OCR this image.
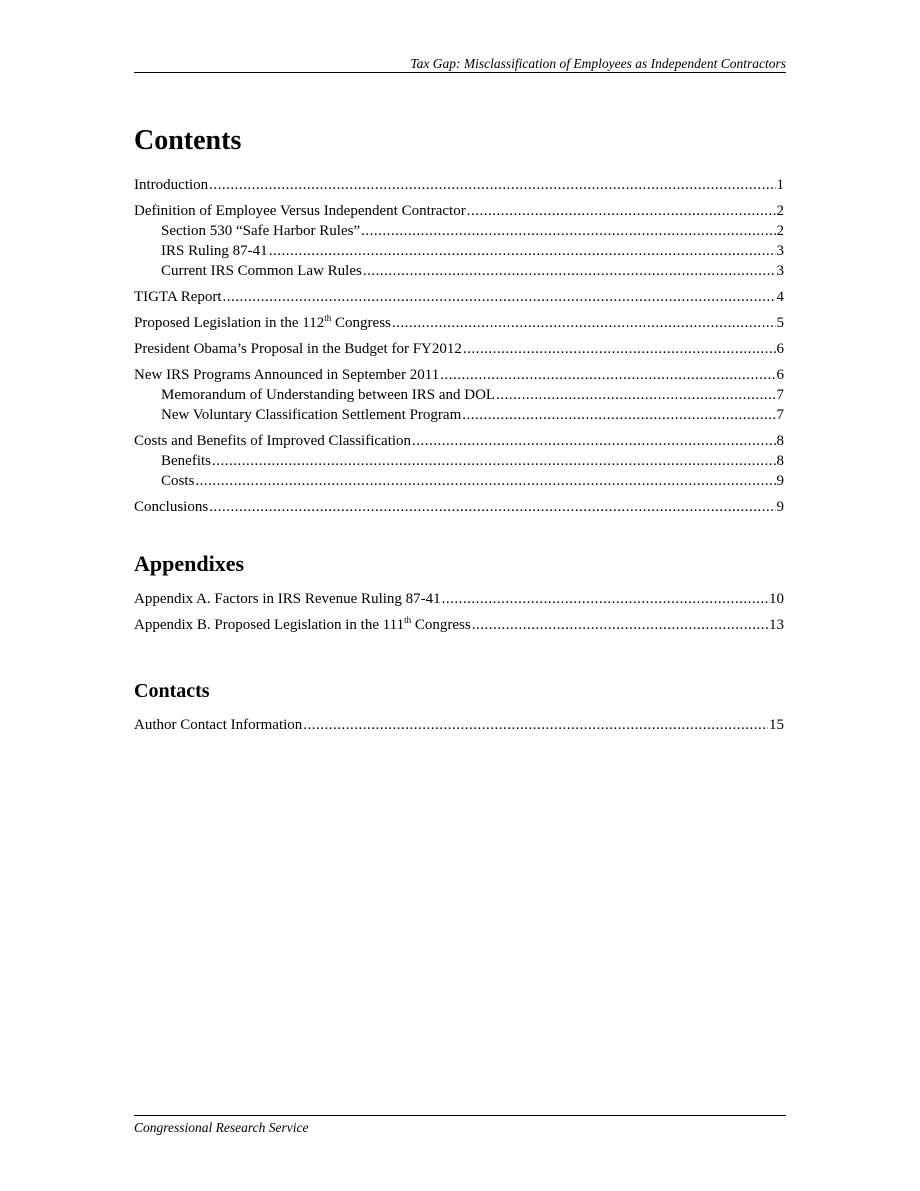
Tax Gap: Misclassification of Employees as Independent Contractors
Contents
Introduction .....	1
Definition of Employee Versus Independent Contractor .....	2
Section 530 “Safe Harbor Rules” .....	2
IRS Ruling 87-41 .....	3
Current IRS Common Law Rules .....	3
TIGTA Report .....	4
Proposed Legislation in the 112th Congress .....	5
President Obama’s Proposal in the Budget for FY2012 .....	6
New IRS Programs Announced in September 2011 .....	6
Memorandum of Understanding between IRS and DOL .....	7
New Voluntary Classification Settlement Program .....	7
Costs and Benefits of Improved Classification .....	8
Benefits .....	8
Costs .....	9
Conclusions .....	9
Appendixes
Appendix A. Factors in IRS Revenue Ruling 87-41 .....	10
Appendix B. Proposed Legislation in the 111th Congress .....	13
Contacts
Author Contact Information .....	15
Congressional Research Service
